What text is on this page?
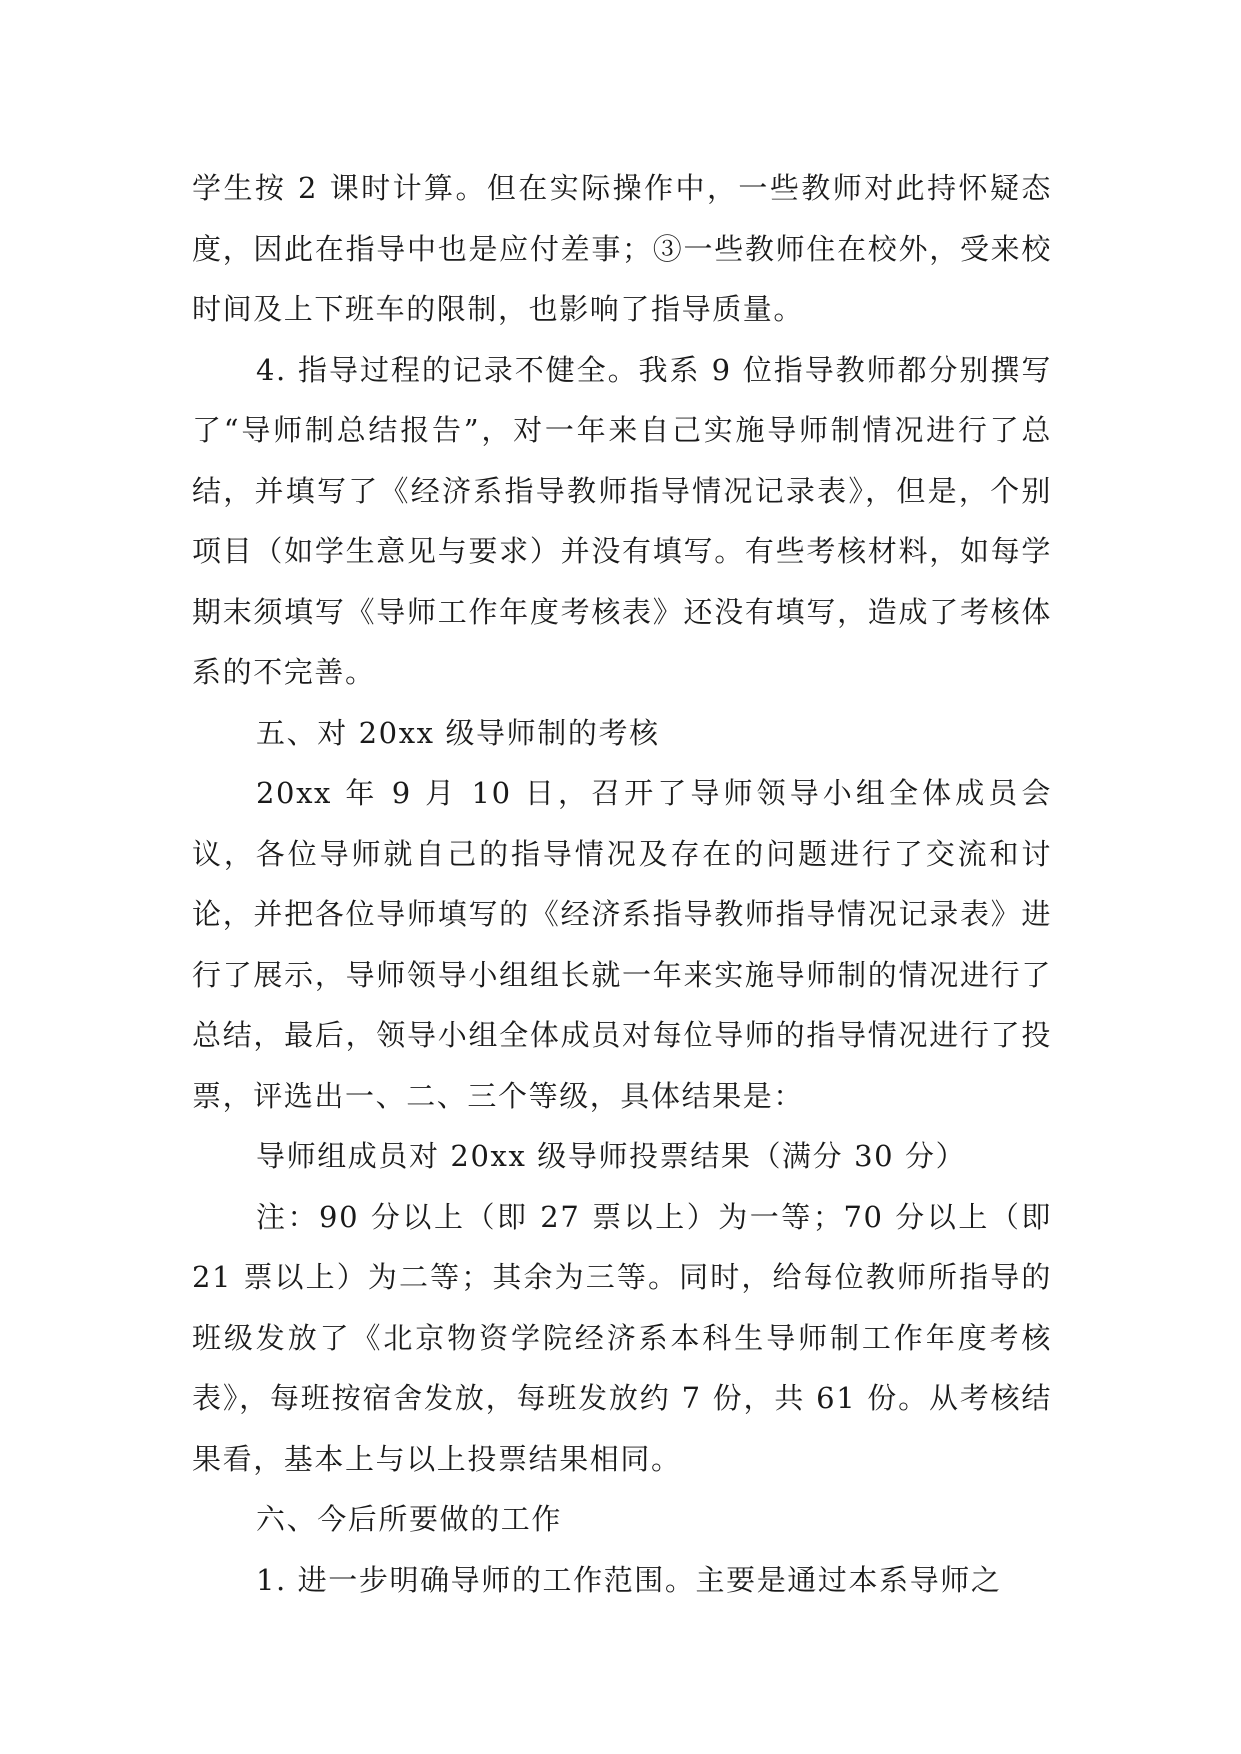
学生按 2 课时计算。但在实际操作中，一些教师对此持怀疑态度，因此在指导中也是应付差事；③一些教师住在校外，受来校时间及上下班车的限制，也影响了指导质量。

4. 指导过程的记录不健全。我系 9 位指导教师都分别撰写了“导师制总结报告”，对一年来自己实施导师制情况进行了总结，并填写了《经济系指导教师指导情况记录表》，但是，个别项目（如学生意见与要求）并没有填写。有些考核材料，如每学期末须填写《导师工作年度考核表》还没有填写，造成了考核体系的不完善。

五、对 20xx 级导师制的考核

20xx 年 9 月 10 日，召开了导师领导小组全体成员会议，各位导师就自己的指导情况及存在的问题进行了交流和讨论，并把各位导师填写的《经济系指导教师指导情况记录表》进行了展示，导师领导小组组长就一年来实施导师制的情况进行了总结，最后，领导小组全体成员对每位导师的指导情况进行了投票，评选出一、二、三个等级，具体结果是：

导师组成员对 20xx 级导师投票结果（满分 30 分）

注：90 分以上（即 27 票以上）为一等；70 分以上（即 21 票以上）为二等；其余为三等。同时，给每位教师所指导的班级发放了《北京物资学院经济系本科生导师制工作年度考核表》，每班按宿舍发放，每班发放约 7 份，共 61 份。从考核结果看，基本上与以上投票结果相同。

六、今后所要做的工作

1. 进一步明确导师的工作范围。主要是通过本系导师之
